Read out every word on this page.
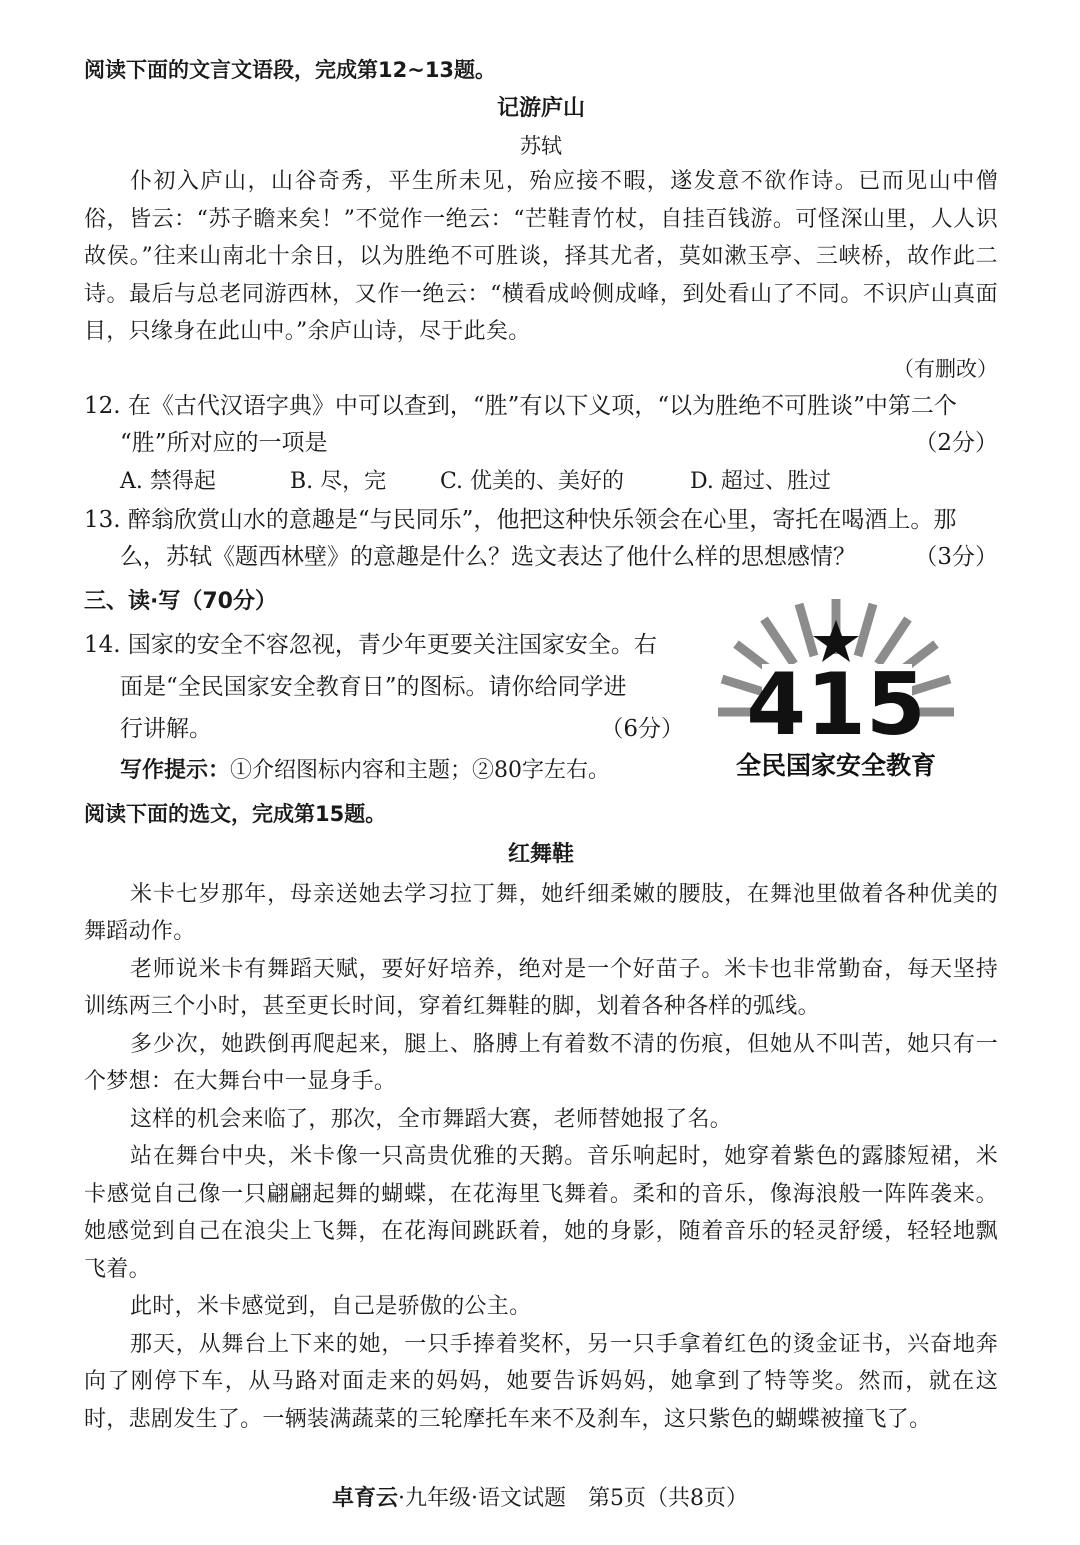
阅读下面的文言文语段，完成第12~13题。
记游庐山
苏轼
仆初入庐山，山谷奇秀，平生所未见，殆应接不暇，遂发意不欲作诗。已而见山中僧俗，皆云：“苏子瞻来矣！”不觉作一绝云：“芒鞋青竹杖，自挂百钱游。可怪深山里，人人识故侯。”往来山南北十余日，以为胜绝不可胜谈，择其尤者，莫如漱玉亭、三峡桥，故作此二诗。最后与总老同游西林，又作一绝云：“横看成岭侧成峰，到处看山了不同。不识庐山真面目，只缘身在此山中。”余庐山诗，尽于此矣。
（有删改）
12. 在《古代汉语字典》中可以查到，“胜”有以下义项，“以为胜绝不可胜谈”中第二个
“胜”所对应的一项是	（2分）
A. 禁得起	B. 尽，完	C. 优美的、美好的	D. 超过、胜过
13. 醉翁欣赏山水的意趣是“与民同乐”，他把这种快乐领会在心里，寄托在喝酒上。那
么，苏轼《题西林壁》的意趣是什么？选文表达了他什么样的思想感情？	（3分）
三、读·写（70分）
14. 国家的安全不容忽视，青少年更要关注国家安全。右
面是“全民国家安全教育日”的图标。请你给同学进
行讲解。	（6分）
写作提示：①介绍图标内容和主题；②80字左右。
415
全民国家安全教育
阅读下面的选文，完成第15题。
红舞鞋
米卡七岁那年，母亲送她去学习拉丁舞，她纤细柔嫩的腰肢，在舞池里做着各种优美的舞蹈动作。
老师说米卡有舞蹈天赋，要好好培养，绝对是一个好苗子。米卡也非常勤奋，每天坚持训练两三个小时，甚至更长时间，穿着红舞鞋的脚，划着各种各样的弧线。
多少次，她跌倒再爬起来，腿上、胳膊上有着数不清的伤痕，但她从不叫苦，她只有一个梦想：在大舞台中一显身手。
这样的机会来临了，那次，全市舞蹈大赛，老师替她报了名。
站在舞台中央，米卡像一只高贵优雅的天鹅。音乐响起时，她穿着紫色的露膝短裙，米卡感觉自己像一只翩翩起舞的蝴蝶，在花海里飞舞着。柔和的音乐，像海浪般一阵阵袭来。她感觉到自己在浪尖上飞舞，在花海间跳跃着，她的身影，随着音乐的轻灵舒缓，轻轻地飘飞着。
此时，米卡感觉到，自己是骄傲的公主。
那天，从舞台上下来的她，一只手捧着奖杯，另一只手拿着红色的烫金证书，兴奋地奔向了刚停下车，从马路对面走来的妈妈，她要告诉妈妈，她拿到了特等奖。然而，就在这时，悲剧发生了。一辆装满蔬菜的三轮摩托车来不及刹车，这只紫色的蝴蝶被撞飞了。
卓育云·九年级·语文试题　第5页（共8页）
